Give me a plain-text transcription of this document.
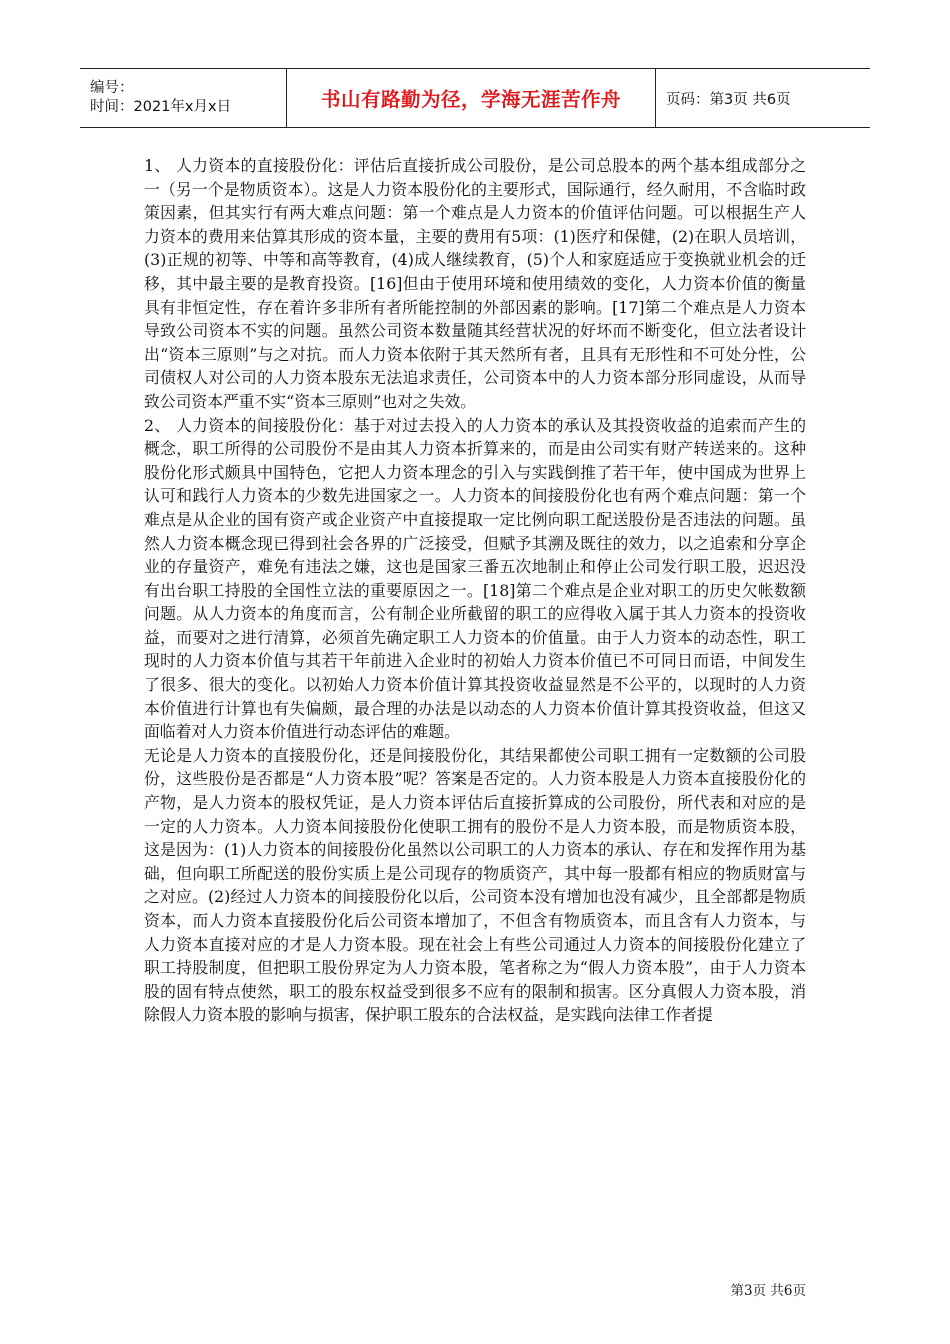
编号：
时间：2021年x月x日	书山有路勤为径，学海无涯苦作舟	页码：第3页 共6页

1、 人力资本的直接股份化：评估后直接折成公司股份，是公司总股本的两个基本组成部分之一（另一个是物质资本）。这是人力资本股份化的主要形式，国际通行，经久耐用，不含临时政策因素，但其实行有两大难点问题：第一个难点是人力资本的价值评估问题。可以根据生产人力资本的费用来估算其形成的资本量，主要的费用有5项：(1)医疗和保健，(2)在职人员培训，(3)正规的初等、中等和高等教育，(4)成人继续教育，(5)个人和家庭适应于变换就业机会的迁移，其中最主要的是教育投资。[16]但由于使用环境和使用绩效的变化，人力资本价值的衡量具有非恒定性，存在着许多非所有者所能控制的外部因素的影响。[17]第二个难点是人力资本导致公司资本不实的问题。虽然公司资本数量随其经营状况的好坏而不断变化，但立法者设计出“资本三原则”与之对抗。而人力资本依附于其天然所有者，且具有无形性和不可处分性，公司债权人对公司的人力资本股东无法追求责任，公司资本中的人力资本部分形同虚设，从而导致公司资本严重不实“资本三原则”也对之失效。

2、 人力资本的间接股份化：基于对过去投入的人力资本的承认及其投资收益的追索而产生的概念，职工所得的公司股份不是由其人力资本折算来的，而是由公司实有财产转送来的。这种股份化形式颇具中国特色，它把人力资本理念的引入与实践倒推了若干年，使中国成为世界上认可和践行人力资本的少数先进国家之一。人力资本的间接股份化也有两个难点问题：第一个难点是从企业的国有资产或企业资产中直接提取一定比例向职工配送股份是否违法的问题。虽然人力资本概念现已得到社会各界的广泛接受，但赋予其溯及既往的效力，以之追索和分享企业的存量资产，难免有违法之嫌，这也是国家三番五次地制止和停止公司发行职工股，迟迟没有出台职工持股的全国性立法的重要原因之一。[18]第二个难点是企业对职工的历史欠帐数额问题。从人力资本的角度而言，公有制企业所截留的职工的应得收入属于其人力资本的投资收益，而要对之进行清算，必须首先确定职工人力资本的价值量。由于人力资本的动态性，职工现时的人力资本价值与其若干年前进入企业时的初始人力资本价值已不可同日而语，中间发生了很多、很大的变化。以初始人力资本价值计算其投资收益显然是不公平的，以现时的人力资本价值进行计算也有失偏颇，最合理的办法是以动态的人力资本价值计算其投资收益，但这又面临着对人力资本价值进行动态评估的难题。

无论是人力资本的直接股份化，还是间接股份化，其结果都使公司职工拥有一定数额的公司股份，这些股份是否都是“人力资本股”呢？答案是否定的。人力资本股是人力资本直接股份化的产物，是人力资本的股权凭证，是人力资本评估后直接折算成的公司股份，所代表和对应的是一定的人力资本。人力资本间接股份化使职工拥有的股份不是人力资本股，而是物质资本股，这是因为：(1)人力资本的间接股份化虽然以公司职工的人力资本的承认、存在和发挥作用为基础，但向职工所配送的股份实质上是公司现存的物质资产，其中每一股都有相应的物质财富与之对应。(2)经过人力资本的间接股份化以后，公司资本没有增加也没有减少，且全部都是物质资本，而人力资本直接股份化后公司资本增加了，不但含有物质资本，而且含有人力资本，与人力资本直接对应的才是人力资本股。现在社会上有些公司通过人力资本的间接股份化建立了职工持股制度，但把职工股份界定为人力资本股，笔者称之为“假人力资本股”，由于人力资本股的固有特点使然，职工的股东权益受到很多不应有的限制和损害。区分真假人力资本股，消除假人力资本股的影响与损害，保护职工股东的合法权益，是实践向法律工作者提

第3页 共6页
